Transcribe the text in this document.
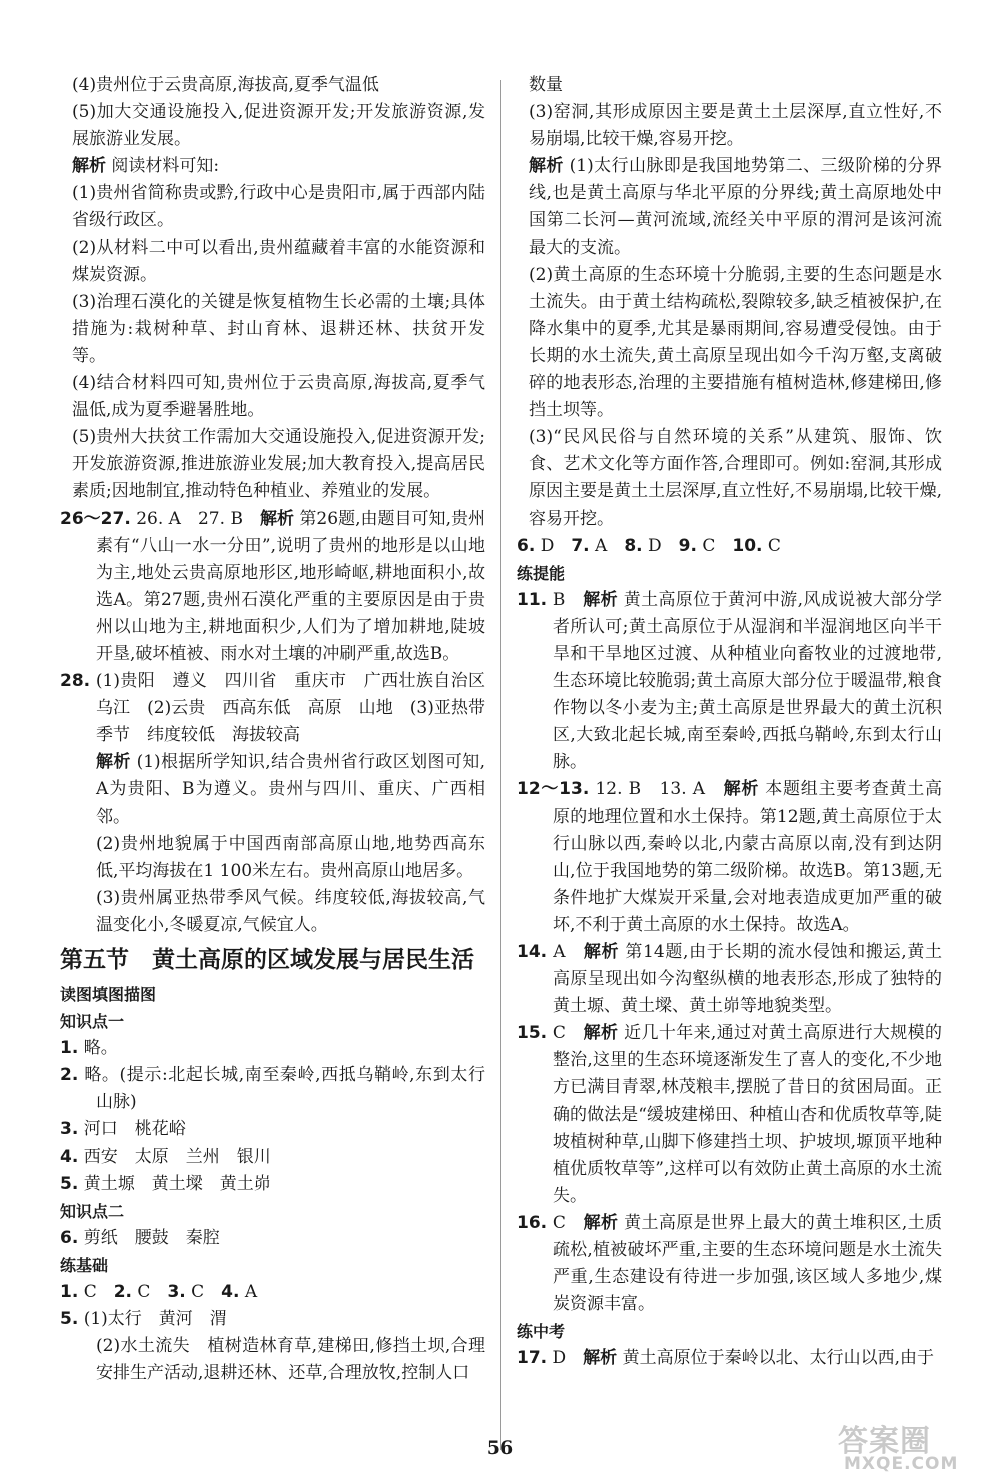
(4)贵州位于云贵高原,海拔高,夏季气温低

(5)加大交通设施投入,促进资源开发;开发旅游资源,发展旅游业发展。

解析 阅读材料可知:

(1)贵州省简称贵或黔,行政中心是贵阳市,属于西部内陆省级行政区。

(2)从材料二中可以看出,贵州蕴藏着丰富的水能资源和煤炭资源。

(3)治理石漠化的关键是恢复植物生长必需的土壤;具体措施为:栽树种草、封山育林、退耕还林、扶贫开发等。

(4)结合材料四可知,贵州位于云贵高原,海拔高,夏季气温低,成为夏季避暑胜地。

(5)贵州大扶贫工作需加大交通设施投入,促进资源开发;开发旅游资源,推进旅游业发展;加大教育投入,提高居民素质;因地制宜,推动特色种植业、养殖业的发展。

26～27. 26. A　27. B　解析 第26题,由题目可知,贵州素有“八山一水一分田”,说明了贵州的地形是以山地为主,地处云贵高原地形区,地形崎岖,耕地面积小,故选A。第27题,贵州石漠化严重的主要原因是由于贵州以山地为主,耕地面积少,人们为了增加耕地,陡坡开垦,破坏植被、雨水对土壤的冲刷严重,故选B。

28. (1)贵阳　遵义　四川省　重庆市　广西壮族自治区　乌江　(2)云贵　西高东低　高原　山地　(3)亚热带季节　纬度较低　海拔较高

解析 (1)根据所学知识,结合贵州省行政区划图可知,A为贵阳、B为遵义。贵州与四川、重庆、广西相邻。

(2)贵州地貌属于中国西南部高原山地,地势西高东低,平均海拔在1 100米左右。贵州高原山地居多。

(3)贵州属亚热带季风气候。纬度较低,海拔较高,气温变化小,冬暖夏凉,气候宜人。

第五节　黄土高原的区域发展与居民生活
读图填图描图
知识点一

1. 略。

2. 略。(提示:北起长城,南至秦岭,西抵乌鞘岭,东到太行山脉)

3. 河口　桃花峪

4. 西安　太原　兰州　银川

5. 黄土塬　黄土墚　黄土峁

知识点二

6. 剪纸　腰鼓　秦腔

练基础

1. C　2. C　3. C　4. A

5. (1)太行　黄河　渭

(2)水土流失　植树造林育草,建梯田,修挡土坝,合理安排生产活动,退耕还林、还草,合理放牧,控制人口

数量

(3)窑洞,其形成原因主要是黄土土层深厚,直立性好,不易崩塌,比较干燥,容易开挖。

解析 (1)太行山脉即是我国地势第二、三级阶梯的分界线,也是黄土高原与华北平原的分界线;黄土高原地处中国第二长河—黄河流域,流经关中平原的渭河是该河流最大的支流。

(2)黄土高原的生态环境十分脆弱,主要的生态问题是水土流失。由于黄土结构疏松,裂隙较多,缺乏植被保护,在降水集中的夏季,尤其是暴雨期间,容易遭受侵蚀。由于长期的水土流失,黄土高原呈现出如今千沟万壑,支离破碎的地表形态,治理的主要措施有植树造林,修建梯田,修挡土坝等。

(3)“民风民俗与自然环境的关系”从建筑、服饰、饮食、艺术文化等方面作答,合理即可。例如:窑洞,其形成原因主要是黄土土层深厚,直立性好,不易崩塌,比较干燥,容易开挖。

6. D　7. A　8. D　9. C　10. C

练提能

11. B　解析 黄土高原位于黄河中游,风成说被大部分学者所认可;黄土高原位于从湿润和半湿润地区向半干旱和干旱地区过渡、从种植业向畜牧业的过渡地带,生态环境比较脆弱;黄土高原大部分位于暖温带,粮食作物以冬小麦为主;黄土高原是世界最大的黄土沉积区,大致北起长城,南至秦岭,西抵乌鞘岭,东到太行山脉。

12～13. 12. B　13. A　解析 本题组主要考查黄土高原的地理位置和水土保持。第12题,黄土高原位于太行山脉以西,秦岭以北,内蒙古高原以南,没有到达阴山,位于我国地势的第二级阶梯。故选B。第13题,无条件地扩大煤炭开采量,会对地表造成更加严重的破坏,不利于黄土高原的水土保持。故选A。

14. A　解析 第14题,由于长期的流水侵蚀和搬运,黄土高原呈现出如今沟壑纵横的地表形态,形成了独特的黄土塬、黄土墚、黄土峁等地貌类型。

15. C　解析 近几十年来,通过对黄土高原进行大规模的整治,这里的生态环境逐渐发生了喜人的变化,不少地方已满目青翠,林茂粮丰,摆脱了昔日的贫困局面。正确的做法是“缓坡建梯田、种植山杏和优质牧草等,陡坡植树种草,山脚下修建挡土坝、护坡坝,塬顶平地种植优质牧草等”,这样可以有效防止黄土高原的水土流失。

16. C　解析 黄土高原是世界上最大的黄土堆积区,土质疏松,植被破坏严重,主要的生态环境问题是水土流失严重,生态建设有待进一步加强,该区域人多地少,煤炭资源丰富。

练中考

17. D　解析 黄土高原位于秦岭以北、太行山以西,由于

56	答案圈
MXQE.COM
